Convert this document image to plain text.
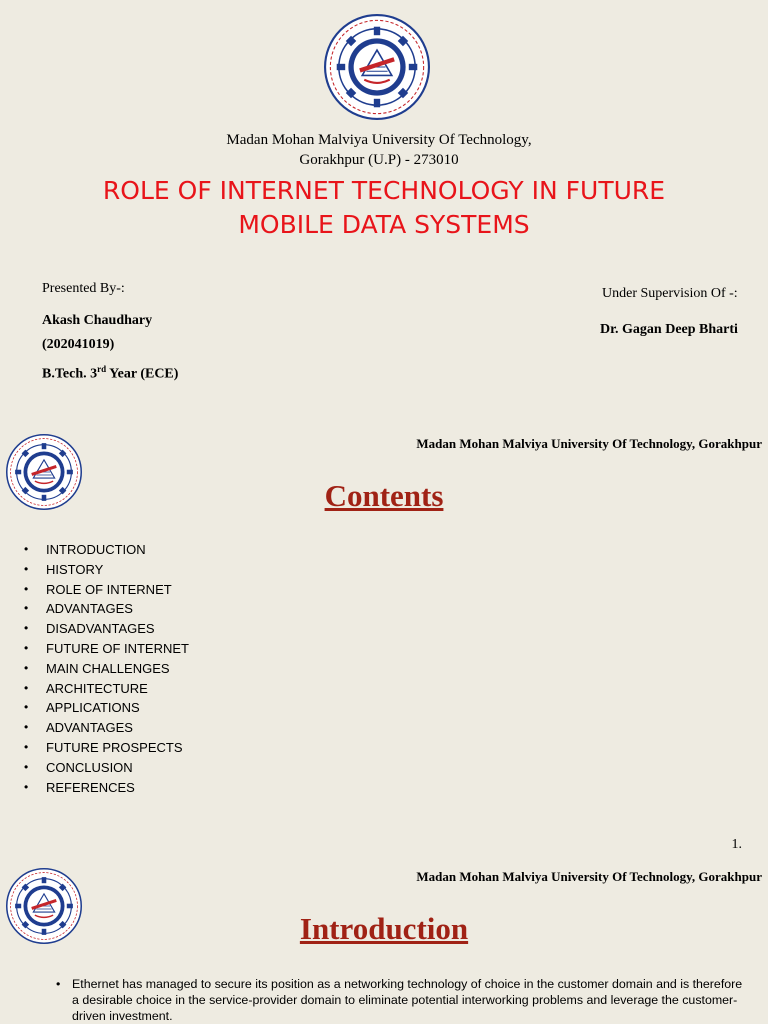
Madan Mohan Malviya University Of Technology,
Gorakhpur (U.P) - 273010
ROLE OF INTERNET TECHNOLOGY IN FUTURE
MOBILE DATA SYSTEMS
Presented By-:
Akash Chaudhary
(202041019)
B.Tech. 3rd Year (ECE)
Under Supervision Of -:
Dr. Gagan Deep Bharti
Madan Mohan Malviya University Of Technology, Gorakhpur
Contents
• INTRODUCTION
• HISTORY
• ROLE OF INTERNET
• ADVANTAGES
• DISADVANTAGES
• FUTURE OF INTERNET
• MAIN CHALLENGES
• ARCHITECTURE
• APPLICATIONS
• ADVANTAGES
• FUTURE PROSPECTS
• CONCLUSION
• REFERENCES
1.
Madan Mohan Malviya University Of Technology, Gorakhpur
Introduction
• Ethernet has managed to secure its position as a networking technology of choice in the customer domain and is therefore a desirable choice in the service-provider domain to eliminate potential interworking problems and leverage the customer-driven investment.
